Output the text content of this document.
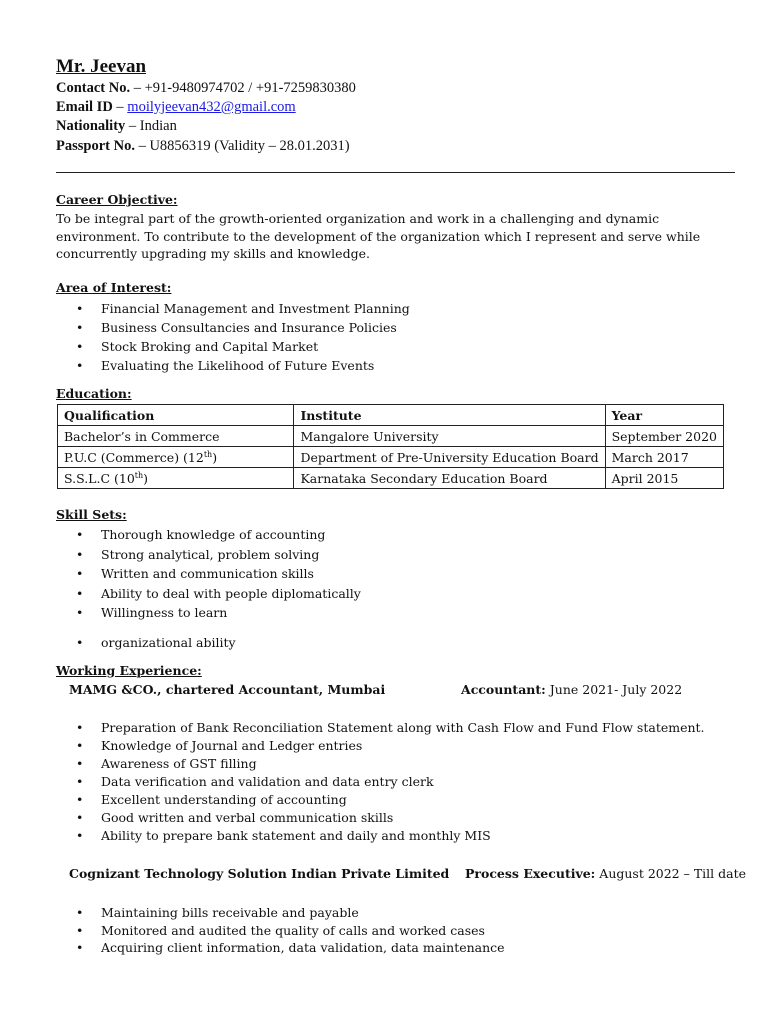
Mr. Jeevan
Contact No. – +91-9480974702 / +91-7259830380
Email ID – moilyjeevan432@gmail.com
Nationality – Indian
Passport No. – U8856319 (Validity – 28.01.2031)
Career Objective:
To be integral part of the growth-oriented organization and work in a challenging and dynamic environment. To contribute to the development of the organization which I represent and serve while concurrently upgrading my skills and knowledge.
Area of Interest:
• Financial Management and Investment Planning
• Business Consultancies and Insurance Policies
• Stock Broking and Capital Market
• Evaluating the Likelihood of Future Events
Education:
Qualification	Institute	Year
Bachelor’s in Commerce	Mangalore University	September 2020
P.U.C (Commerce) (12th)	Department of Pre-University Education Board	March 2017
S.S.L.C (10th)	Karnataka Secondary Education Board	April 2015
Skill Sets:
• Thorough knowledge of accounting
• Strong analytical, problem solving
• Written and communication skills
• Ability to deal with people diplomatically
• Willingness to learn
• organizational ability
Working Experience:
MAMG &CO., chartered Accountant, Mumbai	Accountant: June 2021- July 2022
• Preparation of Bank Reconciliation Statement along with Cash Flow and Fund Flow statement.
• Knowledge of Journal and Ledger entries
• Awareness of GST filling
• Data verification and validation and data entry clerk
• Excellent understanding of accounting
• Good written and verbal communication skills
• Ability to prepare bank statement and daily and monthly MIS
Cognizant Technology Solution Indian Private Limited Process Executive: August 2022 – Till date
• Maintaining bills receivable and payable
• Monitored and audited the quality of calls and worked cases
• Acquiring client information, data validation, data maintenance
